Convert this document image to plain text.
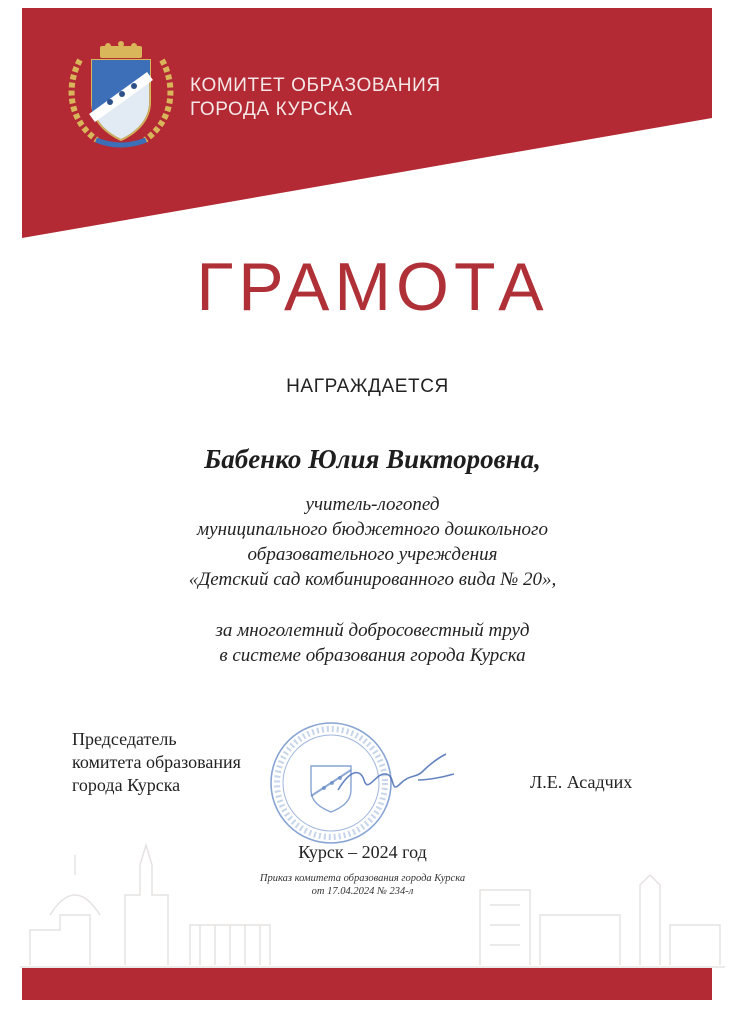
КОМИТЕТ ОБРАЗОВАНИЯ
ГОРОДА КУРСКА
ГРАМОТА
НАГРАЖДАЕТСЯ
Бабенко Юлия Викторовна,
учитель-логопед
муниципального бюджетного дошкольного
образовательного учреждения
«Детский сад комбинированного вида № 20»,
за многолетний добросовестный труд
в системе образования города Курска
Председатель
комитета образования
города Курска	Л.Е. Асадчих
Курск – 2024 год
Приказ комитета образования города Курска
от 17.04.2024 № 234-л
